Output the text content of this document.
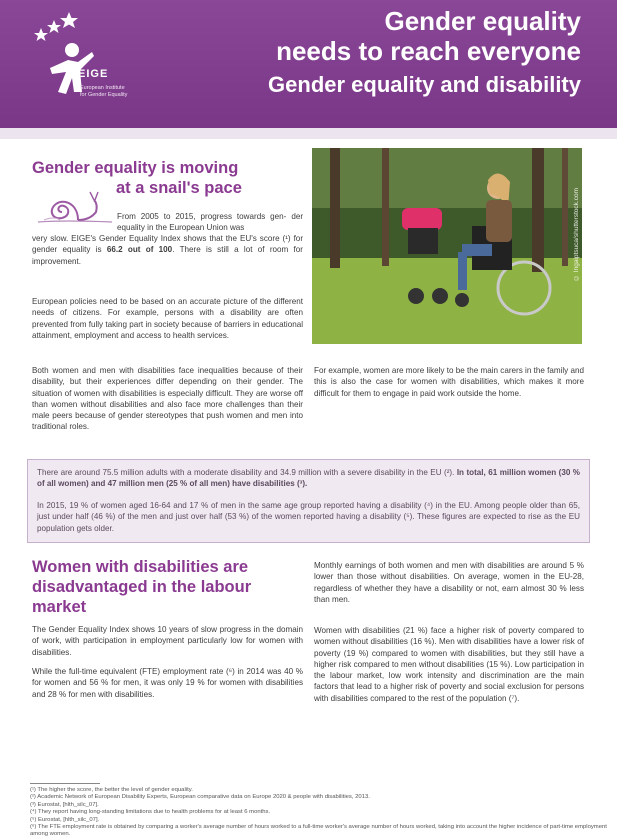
EIGE
European Institute
for Gender Equality
Gender equality
needs to reach everyone
Gender equality and disability
Gender equality is moving
at a snail's pace
From 2005 to 2015, progress towards gen- der equality in the European Union was
very slow. EIGE's Gender Equality Index shows that the EU's score (¹) for gender equality is 66.2 out of 100. There is still a lot of room for improvement.
European policies need to be based on an accurate picture of the different needs of citizens. For example, persons with a disability are often prevented from fully taking part in society because of barriers in educational attainment, employment and access to health services.
Both women and men with disabilities face inequalities because of their disability, but their experiences differ depending on their gender. The situation of women with disabilities is especially difficult. They are worse off than women without disabilities and also face more challenges than their male peers because of gender stereotypes that push women and men into traditional roles.
For example, women are more likely to be the main carers in the family and this is also the case for women with disabilities, which makes it more difficult for them to engage in paid work outside the home.
© Ingaiptsuca/shutterstock.com
There are around 75.5 million adults with a moderate disability and 34.9 million with a severe disability in the EU (²). In total, 61 million women (30 % of all women) and 47 million men (25 % of all men) have disabilities (³).
In 2015, 19 % of women aged 16-64 and 17 % of men in the same age group reported having a disability (⁴) in the EU. Among people older than 65, just under half (46 %) of the men and just over half (53 %) of the women reported having a disability (⁵). These figures are expected to rise as the EU population gets older.
Women with disabilities are
disadvantaged in the labour
market
The Gender Equality Index shows 10 years of slow progress in the domain of work, with participation in employment particularly low for women with disabilities.
While the full-time equivalent (FTE) employment rate (⁶) in 2014 was 40 % for women and 56 % for men, it was only 19 % for women with disabilities and 28 % for men with disabilities.
Monthly earnings of both women and men with disabilities are around 5 % lower than those without disabilities. On average, women in the EU-28, regardless of whether they have a disability or not, earn almost 30 % less than men.
Women with disabilities (21 %) face a higher risk of poverty compared to women without disabilities (16 %). Men with disabilities have a lower risk of poverty (19 %) compared to women with disabilities, but they still have a higher risk compared to men without disabilities (15 %). Low participation in the labour market, low work intensity and discrimination are the main factors that lead to a higher risk of poverty and social exclusion for persons with disabilities compared to the rest of the population (⁷).
(¹) The higher the score, the better the level of gender equality.
(²) Academic Network of European Disability Experts, European comparative data on Europe 2020 & people with disabilities, 2013.
(³) Eurostat, [hlth_silc_07].
(⁴) They report having long-standing limitations due to health problems for at least 6 months.
(⁵) Eurostat, [hlth_silc_07].
(⁶) The FTE employment rate is obtained by comparing a worker's average number of hours worked to a full-time worker's average number of hours worked, taking into account the higher incidence of part-time employment among women.
